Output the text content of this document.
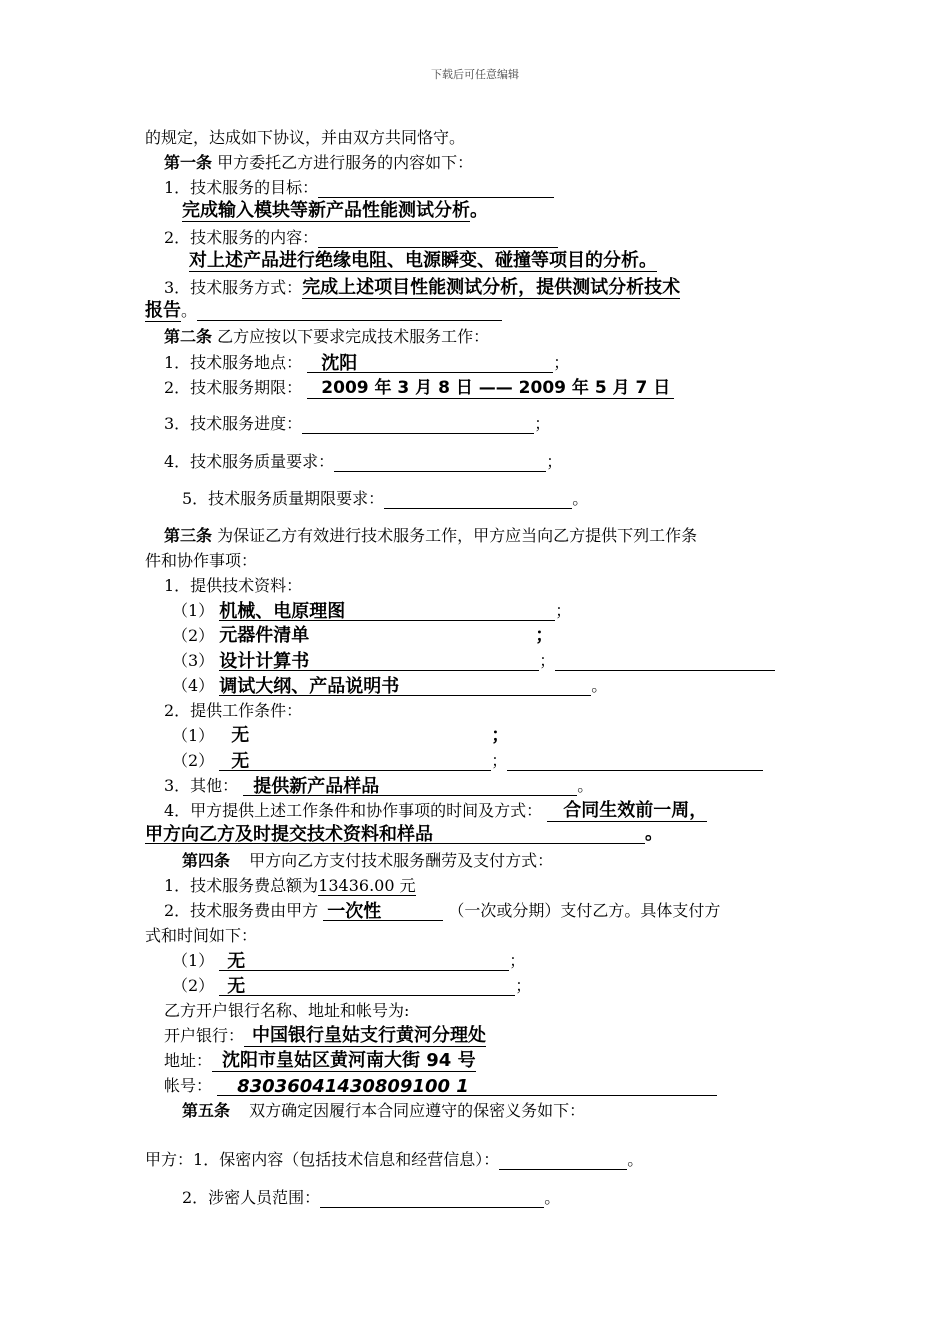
下载后可任意编辑
的规定，达成如下协议，并由双方共同恪守。
第一条 甲方委托乙方进行服务的内容如下：
1．技术服务的目标：
完成输入模块等新产品性能测试分析。
2．技术服务的内容：
对上述产品进行绝缘电阻、电源瞬变、碰撞等项目的分析。
3．技术服务方式：完成上述项目性能测试分析，提供测试分析技术
报告。
第二条 乙方应按以下要求完成技术服务工作：
1．技术服务地点： 沈阳	；
2．技术服务期限： 2009 年 3 月 8 日 —— 2009 年 5 月 7 日
3．技术服务进度：	；
4．技术服务质量要求：	；
5．技术服务质量期限要求：	。
第三条 为保证乙方有效进行技术服务工作，甲方应当向乙方提供下列工作条
件和协作事项：
1．提供技术资料：
（1） 机械、电原理图	；
（2） 元器件清单	；
（3） 设计计算书	；
（4） 调试大纲、产品说明书	。
2．提供工作条件：
（1） 无	；
（2） 无	；
3．其他： 提供新产品样品	。
4．甲方提供上述工作条件和协作事项的时间及方式： 合同生效前一周，
甲方向乙方及时提交技术资料和样品	。
第四条 甲方向乙方支付技术服务酬劳及支付方式：
1．技术服务费总额为13436.00 元
2．技术服务费由甲方 一次性	（一次或分期）支付乙方。具体支付方
式和时间如下：
（1） 无	；
（2） 无	；
乙方开户银行名称、地址和帐号为:
开户银行： 中国银行皇姑支行黄河分理处
地址： 沈阳市皇姑区黄河南大街 94 号
帐号： 83036041430809100 1
第五条 双方确定因履行本合同应遵守的保密义务如下：
甲方：1．保密内容（包括技术信息和经营信息）：	。
2．涉密人员范围：	。
